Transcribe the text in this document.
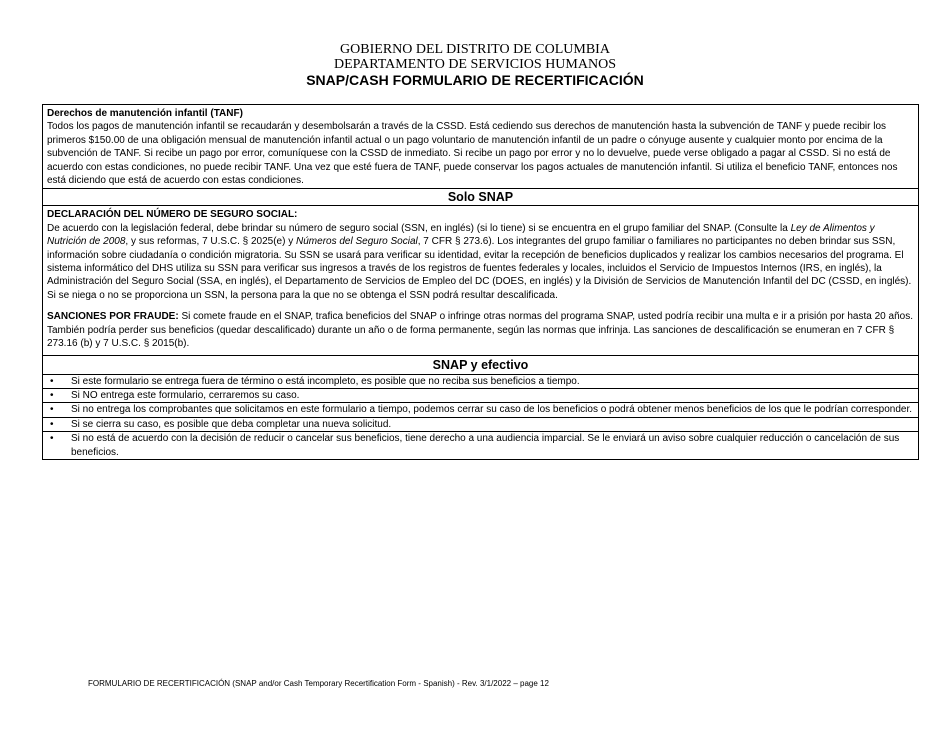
GOBIERNO DEL DISTRITO DE COLUMBIA
DEPARTAMENTO DE SERVICIOS HUMANOS
SNAP/CASH FORMULARIO DE RECERTIFICACIÓN
Derechos de manutención infantil (TANF)

Todos los pagos de manutención infantil se recaudarán y desembolsarán a través de la CSSD. Está cediendo sus derechos de manutención hasta la subvención de TANF y puede recibir los primeros $150.00 de una obligación mensual de manutención infantil actual o un pago voluntario de manutención infantil de un padre o cónyuge ausente y cualquier monto por encima de la subvención de TANF. Si recibe un pago por error, comuníquese con la CSSD de inmediato. Si recibe un pago por error y no lo devuelve, puede verse obligado a pagar al CSSD. Si no está de acuerdo con estas condiciones, no puede recibir TANF. Una vez que esté fuera de TANF, puede conservar los pagos actuales de manutención infantil. Si utiliza el beneficio TANF, entonces nos está diciendo que está de acuerdo con estas condiciones.

Solo SNAP
DECLARACIÓN DEL NÚMERO DE SEGURO SOCIAL:

De acuerdo con la legislación federal, debe brindar su número de seguro social (SSN, en inglés) (si lo tiene) si se encuentra en el grupo familiar del SNAP. (Consulte la Ley de Alimentos y Nutrición de 2008, y sus reformas, 7 U.S.C. § 2025(e) y Números del Seguro Social, 7 CFR § 273.6). Los integrantes del grupo familiar o familiares no participantes no deben brindar sus SSN, información sobre ciudadanía o condición migratoria. Su SSN se usará para verificar su identidad, evitar la recepción de beneficios duplicados y realizar los cambios necesarios del programa. El sistema informático del DHS utiliza su SSN para verificar sus ingresos a través de los registros de fuentes federales y locales, incluidos el Servicio de Impuestos Internos (IRS, en inglés), la Administración del Seguro Social (SSA, en inglés), el Departamento de Servicios de Empleo del DC (DOES, en inglés) y la División de Servicios de Manutención Infantil del DC (CSSD, en inglés). Si se niega o no se proporciona un SSN, la persona para la que no se obtenga el SSN podrá resultar descalificada.

SANCIONES POR FRAUDE: Si comete fraude en el SNAP, trafica beneficios del SNAP o infringe otras normas del programa SNAP, usted podría recibir una multa e ir a prisión por hasta 20 años. También podría perder sus beneficios (quedar descalificado) durante un año o de forma permanente, según las normas que infrinja. Las sanciones de descalificación se enumeran en 7 CFR § 273.16 (b) y 7 U.S.C. § 2015(b).

SNAP y efectivo
• Si este formulario se entrega fuera de término o está incompleto, es posible que no reciba sus beneficios a tiempo.
• Si NO entrega este formulario, cerraremos su caso.
• Si no entrega los comprobantes que solicitamos en este formulario a tiempo, podemos cerrar su caso de los beneficios o podrá obtener menos beneficios de los que le podrían corresponder.
• Si se cierra su caso, es posible que deba completar una nueva solicitud.
• Si no está de acuerdo con la decisión de reducir o cancelar sus beneficios, tiene derecho a una audiencia imparcial. Se le enviará un aviso sobre cualquier reducción o cancelación de sus beneficios.
FORMULARIO DE RECERTIFICACIÓN (SNAP and/or Cash Temporary Recertification Form - Spanish) - Rev. 3/1/2022 – page 12
